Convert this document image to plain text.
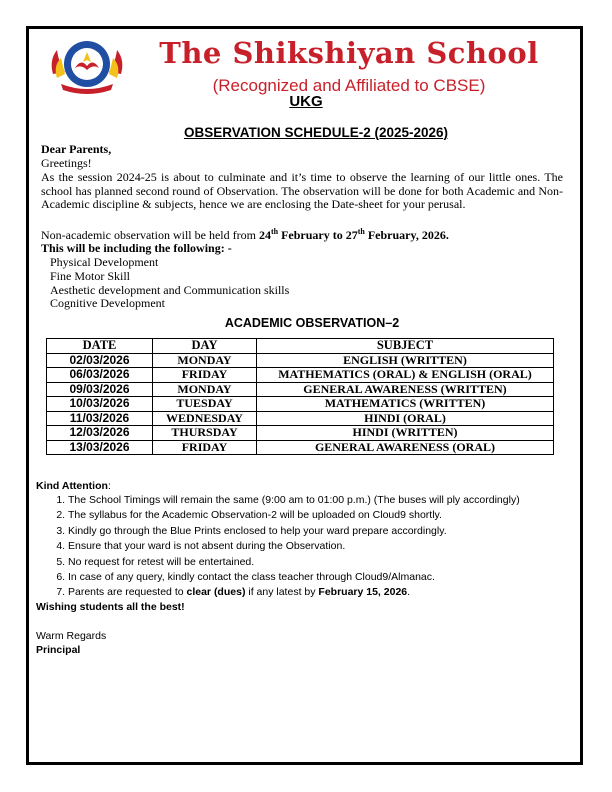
The Shikshiyan School
(Recognized and Affiliated to CBSE)
UKG
OBSERVATION SCHEDULE-2 (2025-2026)
Dear Parents,
Greetings!
As the session 2024-25 is about to culminate and it’s time to observe the learning of our little ones. The school has planned second round of Observation. The observation will be done for both Academic and Non-Academic discipline & subjects, hence we are enclosing the Date-sheet for your perusal.
Non-academic observation will be held from 24th February to 27th February, 2026.
This will be including the following: -
Physical Development
Fine Motor Skill
Aesthetic development and Communication skills
Cognitive Development
ACADEMIC OBSERVATION–2
DATE	DAY	SUBJECT
02/03/2026	MONDAY	ENGLISH (WRITTEN)
06/03/2026	FRIDAY	MATHEMATICS (ORAL) & ENGLISH (ORAL)
09/03/2026	MONDAY	GENERAL AWARENESS (WRITTEN)
10/03/2026	TUESDAY	MATHEMATICS (WRITTEN)
11/03/2026	WEDNESDAY	HINDI (ORAL)
12/03/2026	THURSDAY	HINDI (WRITTEN)
13/03/2026	FRIDAY	GENERAL AWARENESS (ORAL)
Kind Attention:
1. The School Timings will remain the same (9:00 am to 01:00 p.m.) (The buses will ply accordingly)
2. The syllabus for the Academic Observation-2 will be uploaded on Cloud9 shortly.
3. Kindly go through the Blue Prints enclosed to help your ward prepare accordingly.
4. Ensure that your ward is not absent during the Observation.
5. No request for retest will be entertained.
6. In case of any query, kindly contact the class teacher through Cloud9/Almanac.
7. Parents are requested to clear (dues) if any latest by February 15, 2026.
Wishing students all the best!
Warm Regards
Principal
